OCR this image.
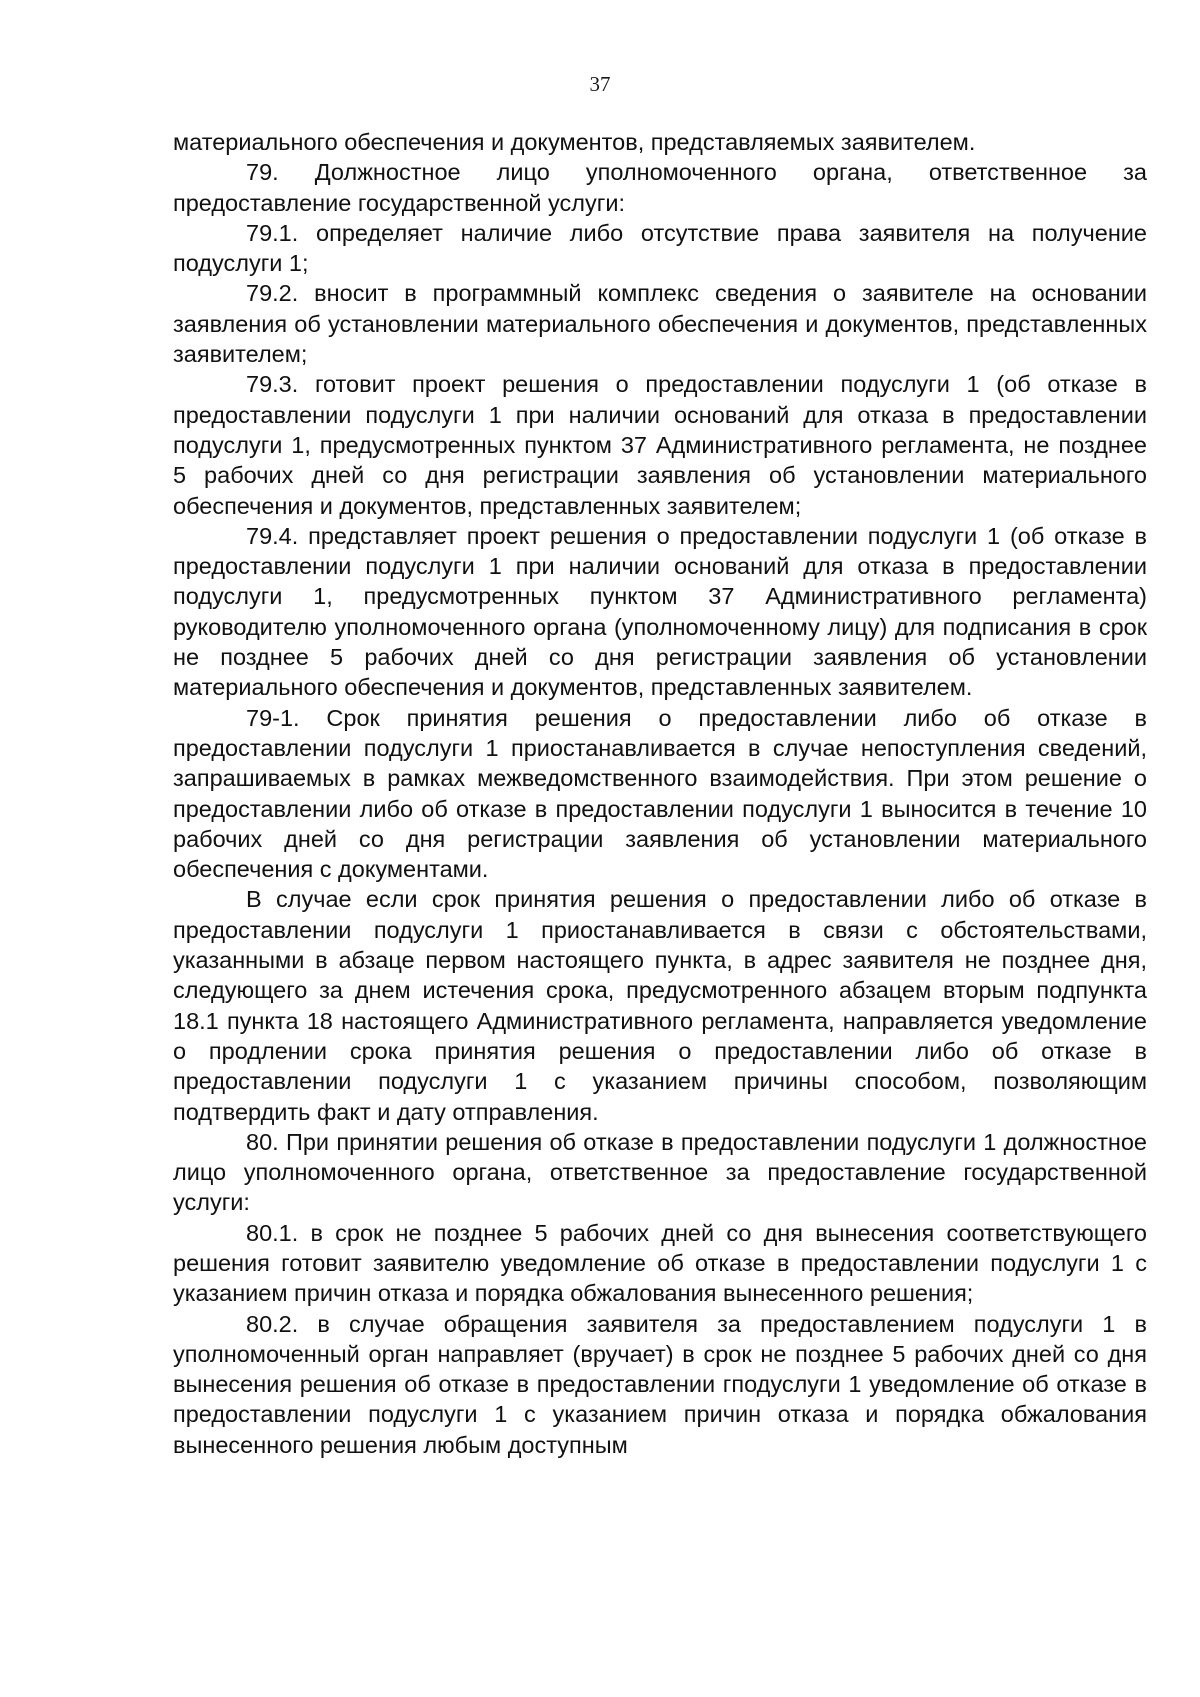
37

материального обеспечения и документов, представляемых заявителем.

79. Должностное лицо уполномоченного органа, ответственное за предоставление государственной услуги:

79.1. определяет наличие либо отсутствие права заявителя на получение подуслуги 1;

79.2. вносит в программный комплекс сведения о заявителе на основании заявления об установлении материального обеспечения и документов, представленных заявителем;

79.3. готовит проект решения о предоставлении подуслуги 1 (об отказе в предоставлении подуслуги 1 при наличии оснований для отказа в предоставлении подуслуги 1, предусмотренных пунктом 37 Административного регламента, не позднее 5 рабочих дней со дня регистрации заявления об установлении материального обеспечения и документов, представленных заявителем;

79.4. представляет проект решения о предоставлении подуслуги 1 (об отказе в предоставлении подуслуги 1 при наличии оснований для отказа в предоставлении подуслуги 1, предусмотренных пунктом 37 Административного регламента) руководителю уполномоченного органа (уполномоченному лицу) для подписания в срок не позднее 5 рабочих дней со дня регистрации заявления об установлении материального обеспечения и документов, представленных заявителем.

79-1. Срок принятия решения о предоставлении либо об отказе в предоставлении подуслуги 1 приостанавливается в случае непоступления сведений, запрашиваемых в рамках межведомственного взаимодействия. При этом решение о предоставлении либо об отказе в предоставлении подуслуги 1 выносится в течение 10 рабочих дней со дня регистрации заявления об установлении материального обеспечения с документами.

В случае если срок принятия решения о предоставлении либо об отказе в предоставлении подуслуги 1 приостанавливается в связи с обстоятельствами, указанными в абзаце первом настоящего пункта, в адрес заявителя не позднее дня, следующего за днем истечения срока, предусмотренного абзацем вторым подпункта 18.1 пункта 18 настоящего Административного регламента, направляется уведомление о продлении срока принятия решения о предоставлении либо об отказе в предоставлении подуслуги 1 с указанием причины способом, позволяющим подтвердить факт и дату отправления.

80. При принятии решения об отказе в предоставлении подуслуги 1 должностное лицо уполномоченного органа, ответственное за предоставление государственной услуги:

80.1. в срок не позднее 5 рабочих дней со дня вынесения соответствующего решения готовит заявителю уведомление об отказе в предоставлении подуслуги 1 с указанием причин отказа и порядка обжалования вынесенного решения;

80.2. в случае обращения заявителя за предоставлением подуслуги 1 в уполномоченный орган направляет (вручает) в срок не позднее 5 рабочих дней со дня вынесения решения об отказе в предоставлении гподуслуги 1 уведомление об отказе в предоставлении подуслуги 1 с указанием причин отказа и порядка обжалования вынесенного решения любым доступным
